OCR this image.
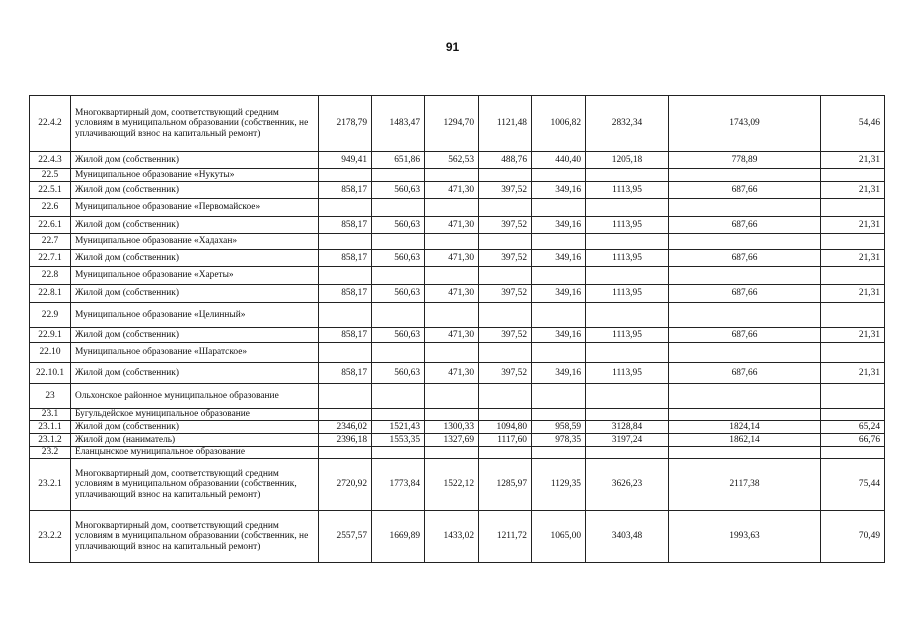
91
22.4.2	Многоквартирный дом, соответствующий средним условиям в муниципальном образовании (собственник, не уплачивающий взнос на капитальный ремонт)	2178,79	1483,47	1294,70	1121,48	1006,82	2832,34	1743,09	54,46
22.4.3	Жилой дом (собственник)	949,41	651,86	562,53	488,76	440,40	1205,18	778,89	21,31
22.5	Муниципальное образование «Нукуты»								
22.5.1	Жилой дом (собственник)	858,17	560,63	471,30	397,52	349,16	1113,95	687,66	21,31
22.6	Муниципальное образование «Первомайское»								
22.6.1	Жилой дом (собственник)	858,17	560,63	471,30	397,52	349,16	1113,95	687,66	21,31
22.7	Муниципальное образование «Хадахан»								
22.7.1	Жилой дом (собственник)	858,17	560,63	471,30	397,52	349,16	1113,95	687,66	21,31
22.8	Муниципальное образование «Хареты»								
22.8.1	Жилой дом (собственник)	858,17	560,63	471,30	397,52	349,16	1113,95	687,66	21,31
22.9	Муниципальное образование «Целинный»								
22.9.1	Жилой дом (собственник)	858,17	560,63	471,30	397,52	349,16	1113,95	687,66	21,31
22.10	Муниципальное образование «Шаратское»								
22.10.1	Жилой дом (собственник)	858,17	560,63	471,30	397,52	349,16	1113,95	687,66	21,31
23	Ольхонское районное муниципальное образование								
23.1	Бугульдейское муниципальное образование								
23.1.1	Жилой дом (собственник)	2346,02	1521,43	1300,33	1094,80	958,59	3128,84	1824,14	65,24
23.1.2	Жилой дом (наниматель)	2396,18	1553,35	1327,69	1117,60	978,35	3197,24	1862,14	66,76
23.2	Еланцынское муниципальное образование								
23.2.1	Многоквартирный дом, соответствующий средним условиям в муниципальном образовании (собственник, уплачивающий взнос на капитальный ремонт)	2720,92	1773,84	1522,12	1285,97	1129,35	3626,23	2117,38	75,44
23.2.2	Многоквартирный дом, соответствующий средним условиям в муниципальном образовании (собственник, не уплачивающий взнос на капитальный ремонт)	2557,57	1669,89	1433,02	1211,72	1065,00	3403,48	1993,63	70,49
